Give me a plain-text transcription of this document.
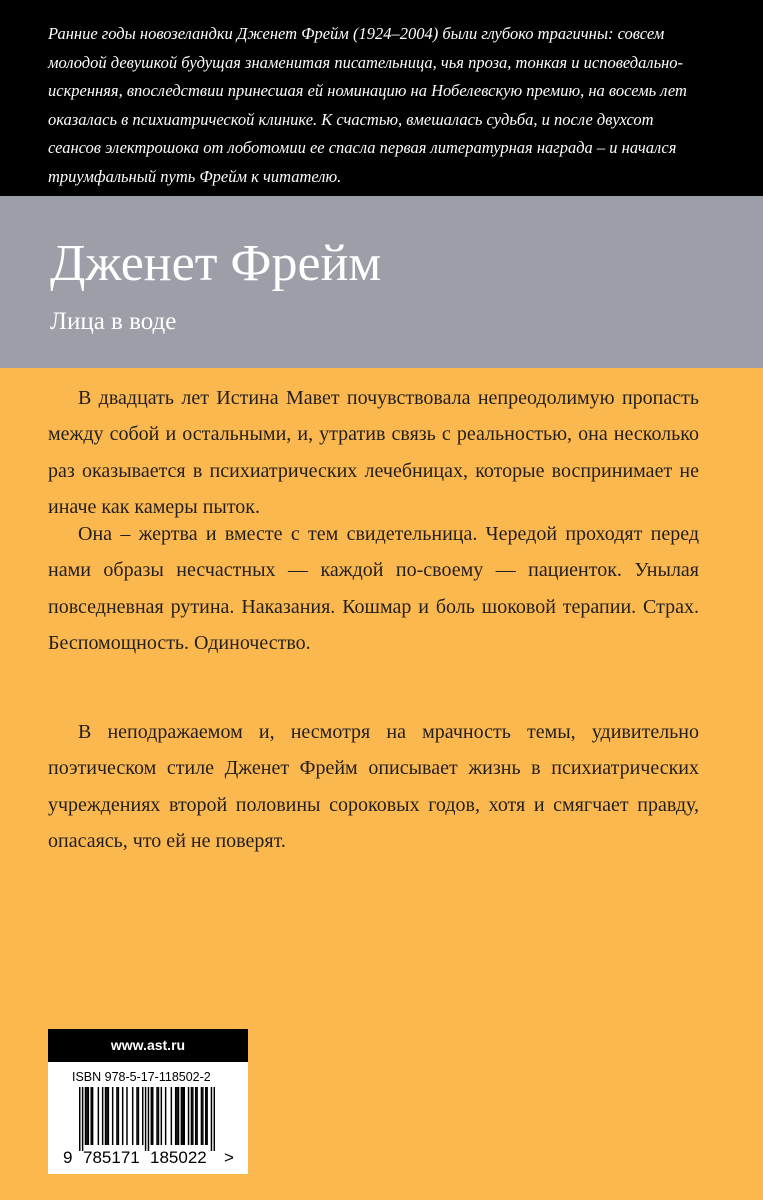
Ранние годы новозеландки Дженет Фрейм (1924–2004) были глубоко трагичны: совсем молодой девушкой будущая знаменитая писательница, чья проза, тонкая и исповедально-искренняя, впоследствии принесшая ей номинацию на Нобелевскую премию, на восемь лет оказалась в психиатрической клинике. К счастью, вмешалась судьба, и после двухсот сеансов электрошока от лоботомии ее спасла первая литературная награда – и начался триумфальный путь Фрейм к читателю.

Дженет Фрейм
Лица в воде

В двадцать лет Истина Мавет почувствовала непреодолимую пропасть между собой и остальными, и, утратив связь с реальностью, она несколько раз оказывается в психиатрических лечебницах, которые воспринимает не иначе как камеры пыток.

Она – жертва и вместе с тем свидетельница. Чередой проходят перед нами образы несчастных — каждой по-своему — пациенток. Унылая повседневная рутина. Наказания. Кошмар и боль шоковой терапии. Страх. Беспомощность. Одиночество.

В неподражаемом и, несмотря на мрачность темы, удивительно поэтическом стиле Дженет Фрейм описывает жизнь в психиатрических учреждениях второй половины сороковых годов, хотя и смягчает правду, опасаясь, что ей не поверят.

www.ast.ru
ISBN 978-5-17-118502-2
9 785171 185022 >
